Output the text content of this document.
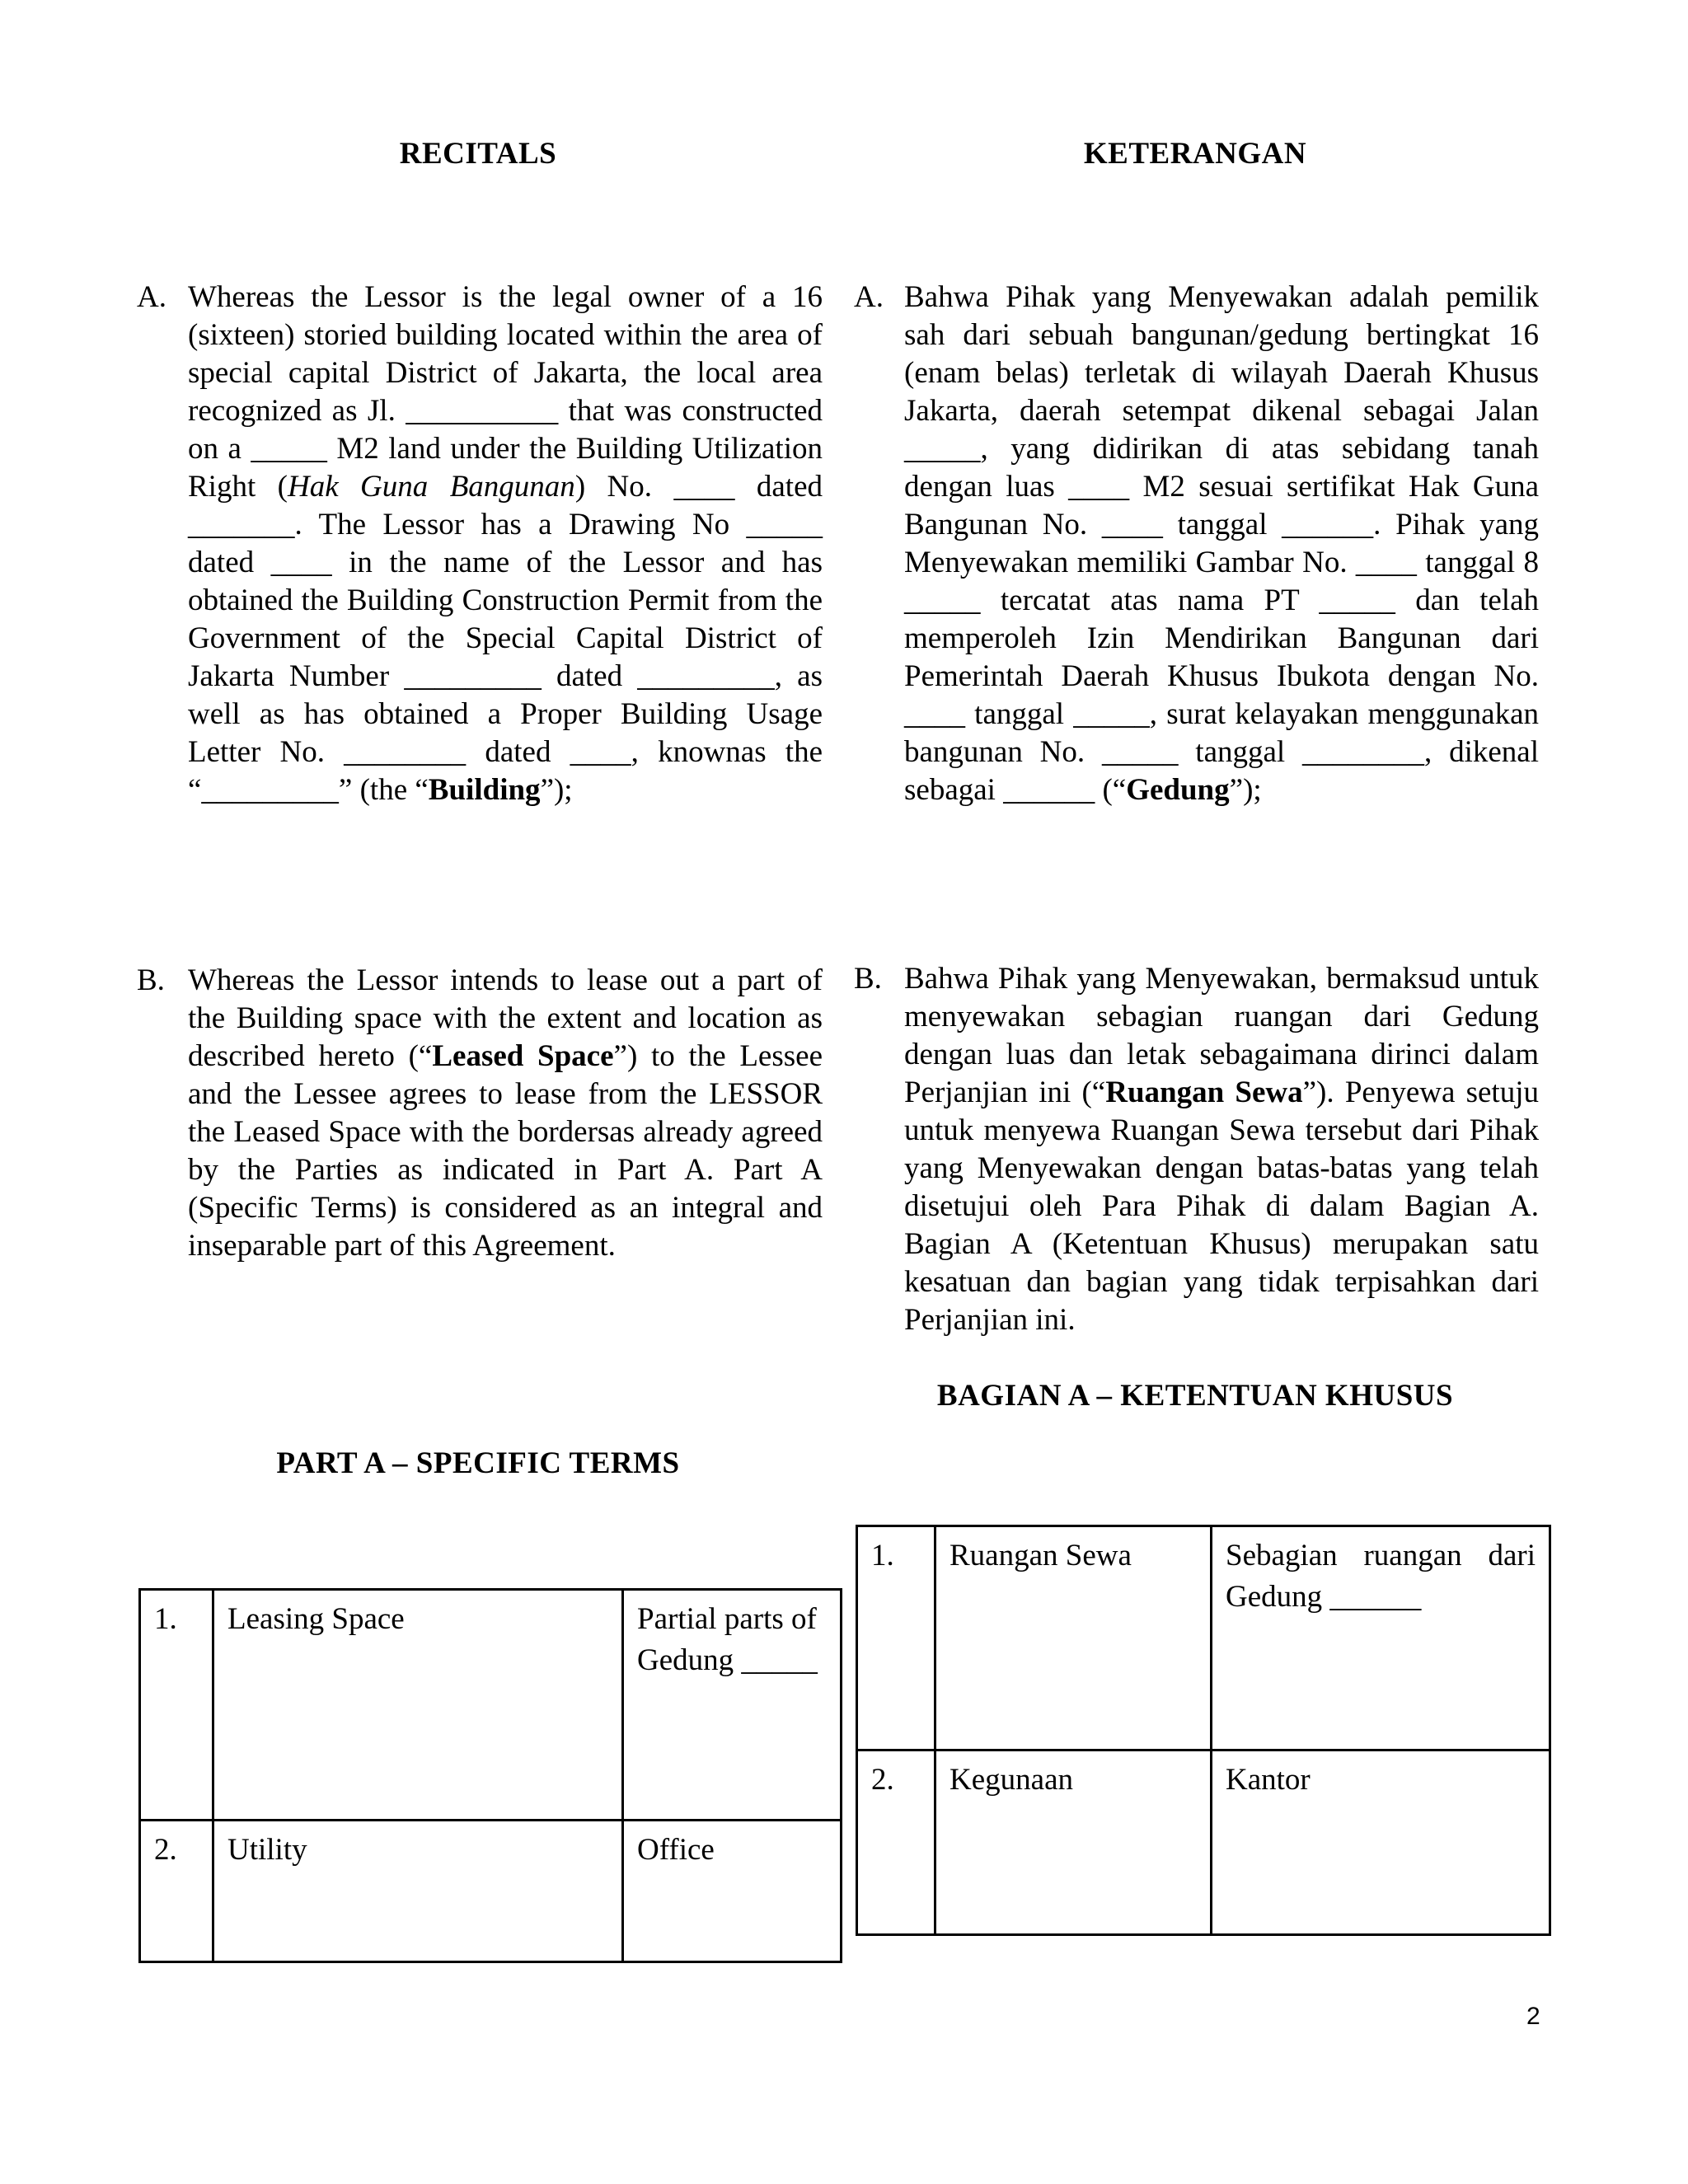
RECITALS	KETERANGAN
A. Whereas the Lessor is the legal owner of a 16 (sixteen) storied building located within the area of special capital District of Jakarta, the local area recognized as Jl. __________ that was constructed on a _____ M2 land under the Building Utilization Right (Hak Guna Bangunan) No. ____ dated _______. The Lessor has a Drawing No _____ dated ____ in the name of the Lessor and has obtained the Building Construction Permit from the Government of the Special Capital District of Jakarta Number _________ dated _________, as well as has obtained a Proper Building Usage Letter No. ________ dated ____, knownas the “_________” (the “Building”);
A. Bahwa Pihak yang Menyewakan adalah pemilik sah dari sebuah bangunan/gedung bertingkat 16 (enam belas) terletak di wilayah Daerah Khusus Jakarta, daerah setempat dikenal sebagai Jalan _____, yang didirikan di atas sebidang tanah dengan luas ____ M2 sesuai sertifikat Hak Guna Bangunan No. ____ tanggal ______. Pihak yang Menyewakan memiliki Gambar No. ____ tanggal 8 _____ tercatat atas nama PT _____ dan telah memperoleh Izin Mendirikan Bangunan dari Pemerintah Daerah Khusus Ibukota dengan No. ____ tanggal _____, surat kelayakan menggunakan bangunan No. _____ tanggal ________, dikenal sebagai ______ (“Gedung”);
B. Whereas the Lessor intends to lease out a part of the Building space with the extent and location as described hereto (“Leased Space”) to the Lessee and the Lessee agrees to lease from the LESSOR the Leased Space with the bordersas already agreed by the Parties as indicated in Part A. Part A (Specific Terms) is considered as an integral and inseparable part of this Agreement.
B. Bahwa Pihak yang Menyewakan, bermaksud untuk menyewakan sebagian ruangan dari Gedung dengan luas dan letak sebagaimana dirinci dalam Perjanjian ini (“Ruangan Sewa”). Penyewa setuju untuk menyewa Ruangan Sewa tersebut dari Pihak yang Menyewakan dengan batas-batas yang telah disetujui oleh Para Pihak di dalam Bagian A. Bagian A (Ketentuan Khusus) merupakan satu kesatuan dan bagian yang tidak terpisahkan dari Perjanjian ini.
BAGIAN A – KETENTUAN KHUSUS
PART A – SPECIFIC TERMS
1.	Leasing Space	Partial parts of Gedung _____
2.	Utility	Office
1.	Ruangan Sewa	Sebagian ruangan dari Gedung ______
2.	Kegunaan	Kantor
2
